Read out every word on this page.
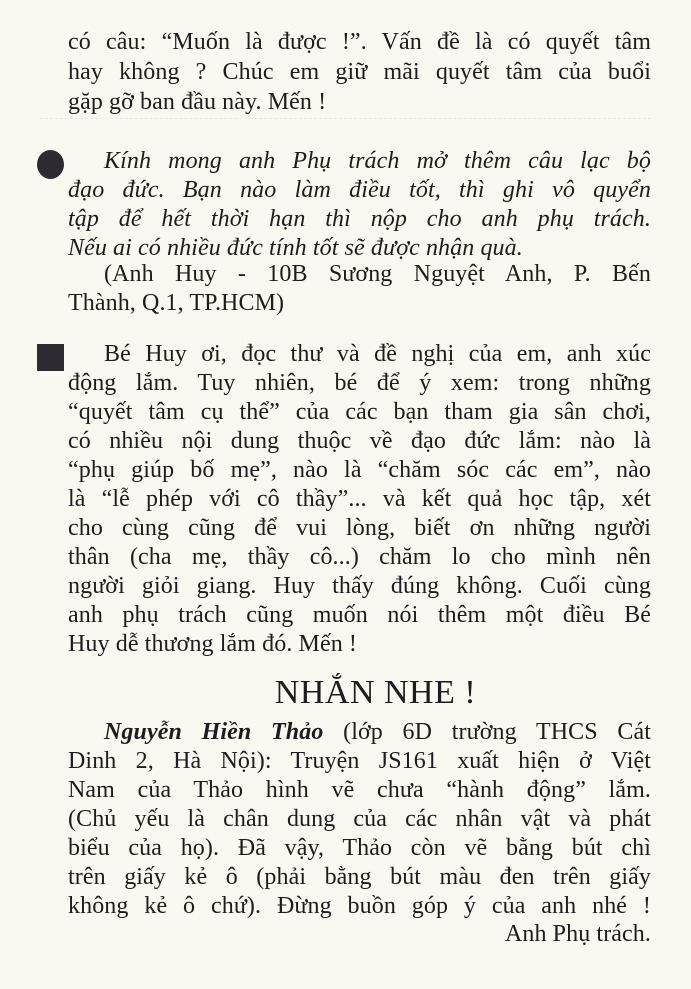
có câu: “Muốn là được !”. Vấn đề là có quyết tâm
hay không ? Chúc em giữ mãi quyết tâm của buổi
gặp gỡ ban đầu này. Mến !
Kính mong anh Phụ trách mở thêm câu lạc bộ
đạo đức. Bạn nào làm điều tốt, thì ghi vô quyển
tập để hết thời hạn thì nộp cho anh phụ trách.
Nếu ai có nhiều đức tính tốt sẽ được nhận quà.
(Anh Huy - 10B Sương Nguyệt Anh, P. Bến
Thành, Q.1, TP.HCM)
Bé Huy ơi, đọc thư và đề nghị của em, anh xúc
động lắm. Tuy nhiên, bé để ý xem: trong những
“quyết tâm cụ thể” của các bạn tham gia sân chơi,
có nhiều nội dung thuộc về đạo đức lắm: nào là
“phụ giúp bố mẹ”, nào là “chăm sóc các em”, nào
là “lễ phép với cô thầy”... và kết quả học tập, xét
cho cùng cũng để vui lòng, biết ơn những người
thân (cha mẹ, thầy cô...) chăm lo cho mình nên
người giỏi giang. Huy thấy đúng không. Cuối cùng
anh phụ trách cũng muốn nói thêm một điều Bé
Huy dễ thương lắm đó. Mến !
NHẮN NHE !
Nguyễn Hiền Thảo (lớp 6D trường THCS Cát
Dinh 2, Hà Nội): Truyện JS161 xuất hiện ở Việt
Nam của Thảo hình vẽ chưa “hành động” lắm.
(Chủ yếu là chân dung của các nhân vật và phát
biểu của họ). Đã vậy, Thảo còn vẽ bằng bút chì
trên giấy kẻ ô (phải bằng bút màu đen trên giấy
không kẻ ô chứ). Đừng buồn góp ý của anh nhé !
Anh Phụ trách.
